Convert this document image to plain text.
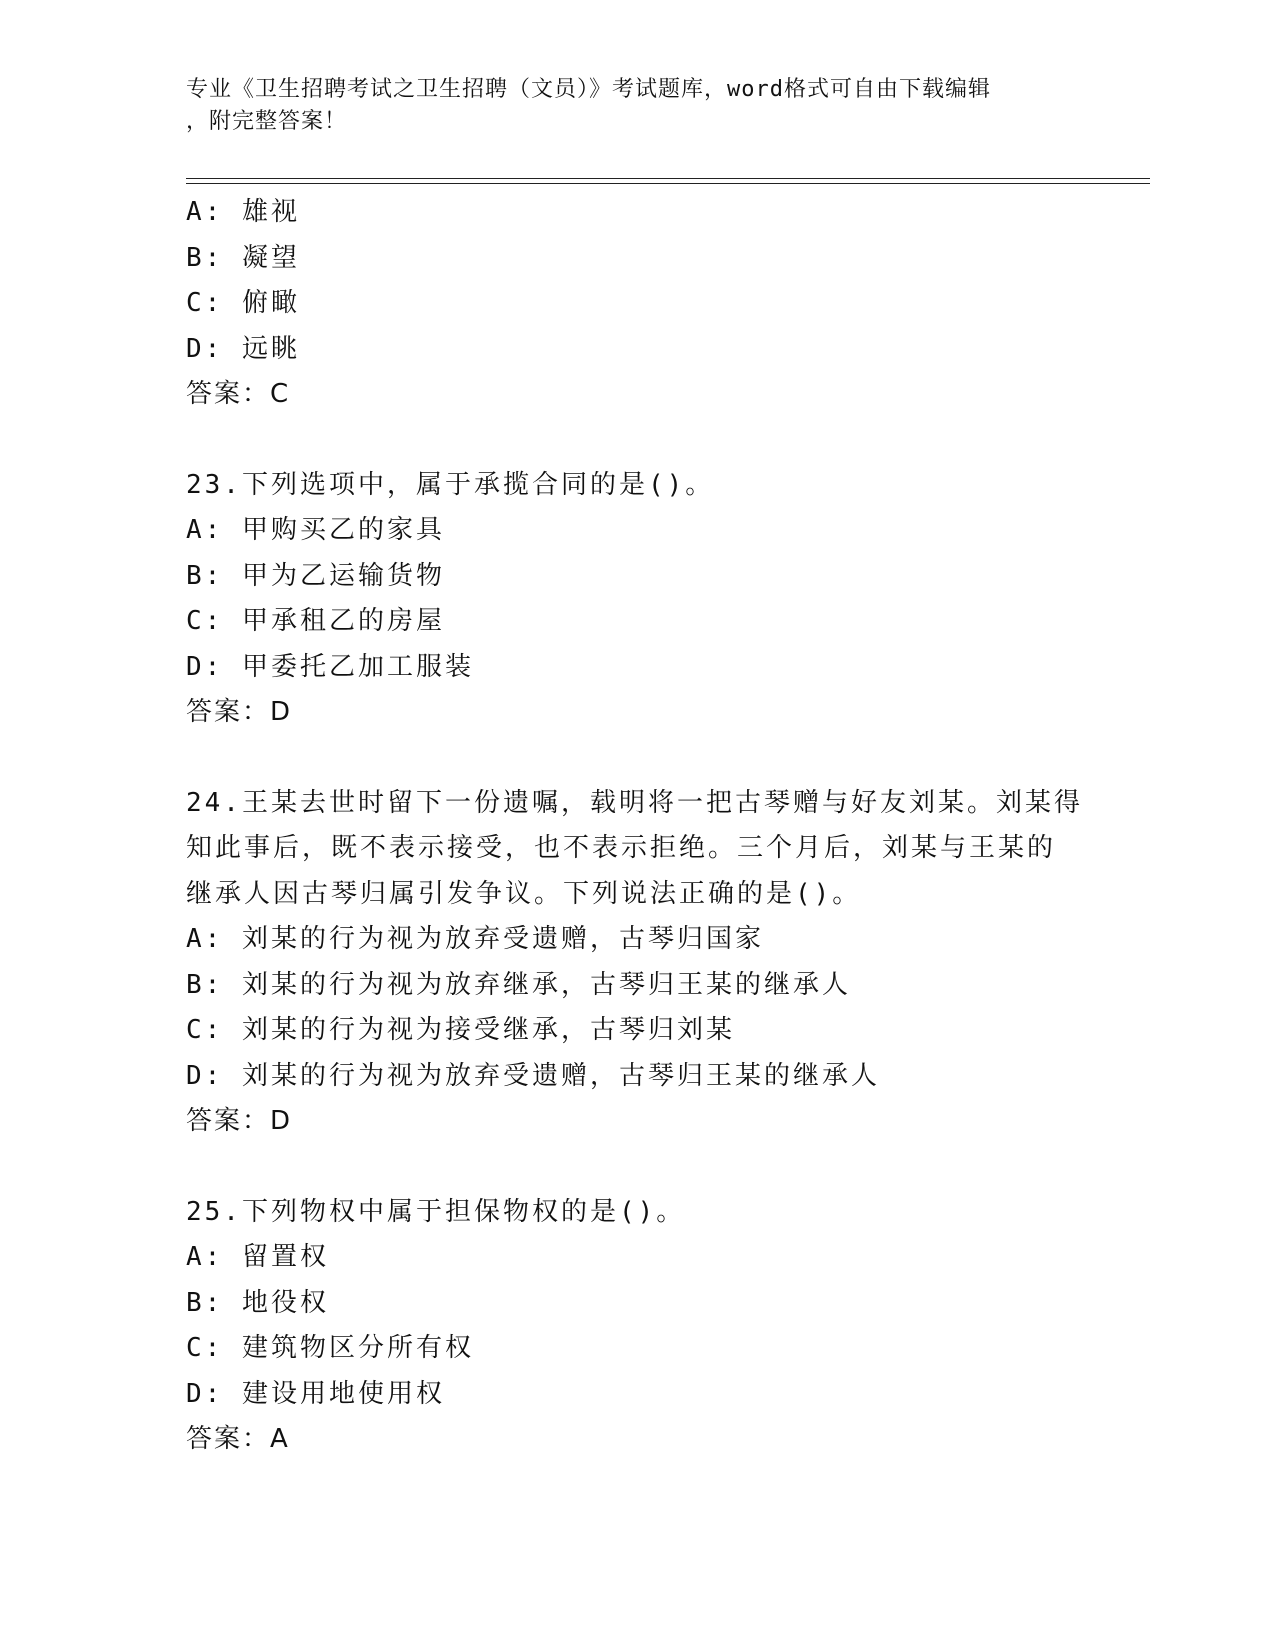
专业《卫生招聘考试之卫生招聘（文员）》考试题库，word格式可自由下载编辑
，附完整答案！
A: 雄视
B: 凝望
C: 俯瞰
D: 远眺
答案：C
23.下列选项中，属于承揽合同的是()。
A: 甲购买乙的家具
B: 甲为乙运输货物
C: 甲承租乙的房屋
D: 甲委托乙加工服装
答案：D
24.王某去世时留下一份遗嘱，载明将一把古琴赠与好友刘某。刘某得
知此事后，既不表示接受，也不表示拒绝。三个月后，刘某与王某的
继承人因古琴归属引发争议。下列说法正确的是()。
A: 刘某的行为视为放弃受遗赠，古琴归国家
B: 刘某的行为视为放弃继承，古琴归王某的继承人
C: 刘某的行为视为接受继承，古琴归刘某
D: 刘某的行为视为放弃受遗赠，古琴归王某的继承人
答案：D
25.下列物权中属于担保物权的是()。
A: 留置权
B: 地役权
C: 建筑物区分所有权
D: 建设用地使用权
答案：A
